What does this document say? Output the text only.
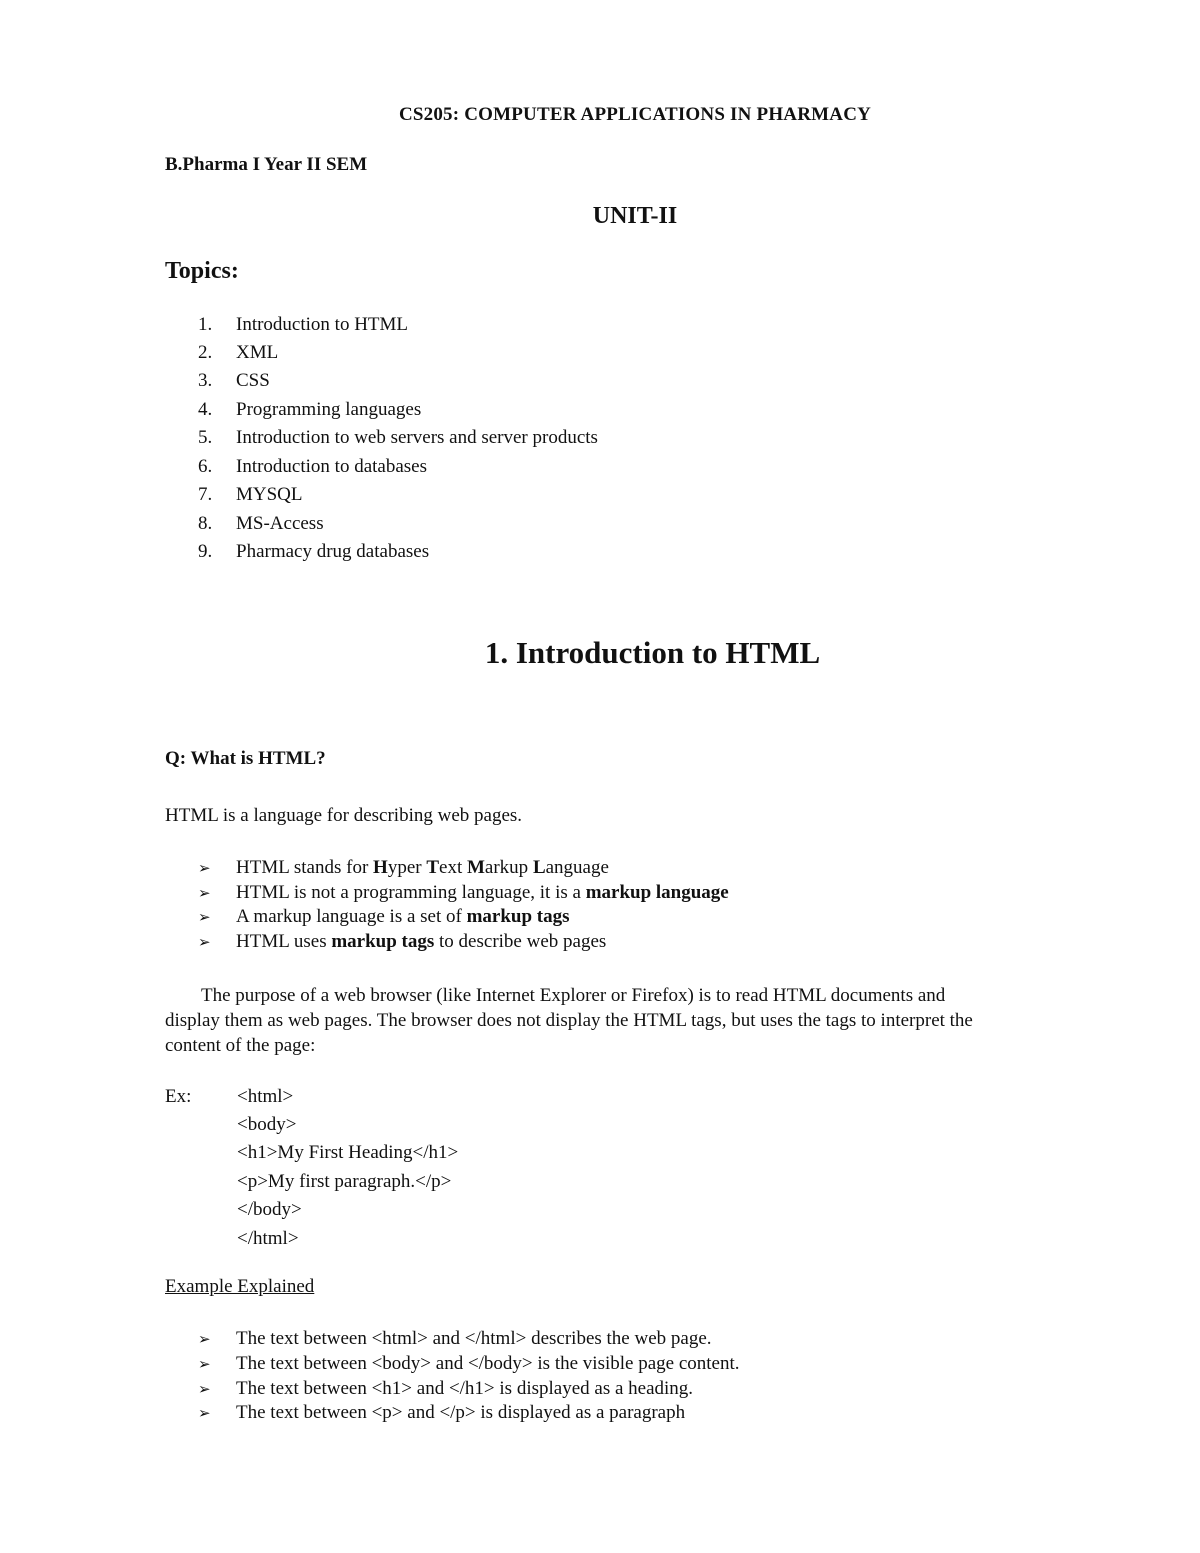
CS205: COMPUTER APPLICATIONS IN PHARMACY
B.Pharma I Year II SEM
UNIT-II
Topics:
1.	Introduction to HTML
2.	XML
3.	CSS
4.	Programming languages
5.	Introduction to web servers and server products
6.	Introduction to databases
7.	MYSQL
8.	MS-Access
9.	Pharmacy drug databases
1. Introduction to HTML
Q: What is HTML?
HTML is a language for describing web pages.
➢ HTML stands for Hyper Text Markup Language
➢ HTML is not a programming language, it is a markup language
➢ A markup language is a set of markup tags
➢ HTML uses markup tags to describe web pages
The purpose of a web browser (like Internet Explorer or Firefox) is to read HTML documents and
display them as web pages. The browser does not display the HTML tags, but uses the tags to interpret the
content of the page:
Ex: <html>
<body>
<h1>My First Heading</h1>
<p>My first paragraph.</p>
</body>
</html>
Example Explained
➢ The text between <html> and </html> describes the web page.
➢ The text between <body> and </body> is the visible page content.
➢ The text between <h1> and </h1> is displayed as a heading.
➢ The text between <p> and </p> is displayed as a paragraph
